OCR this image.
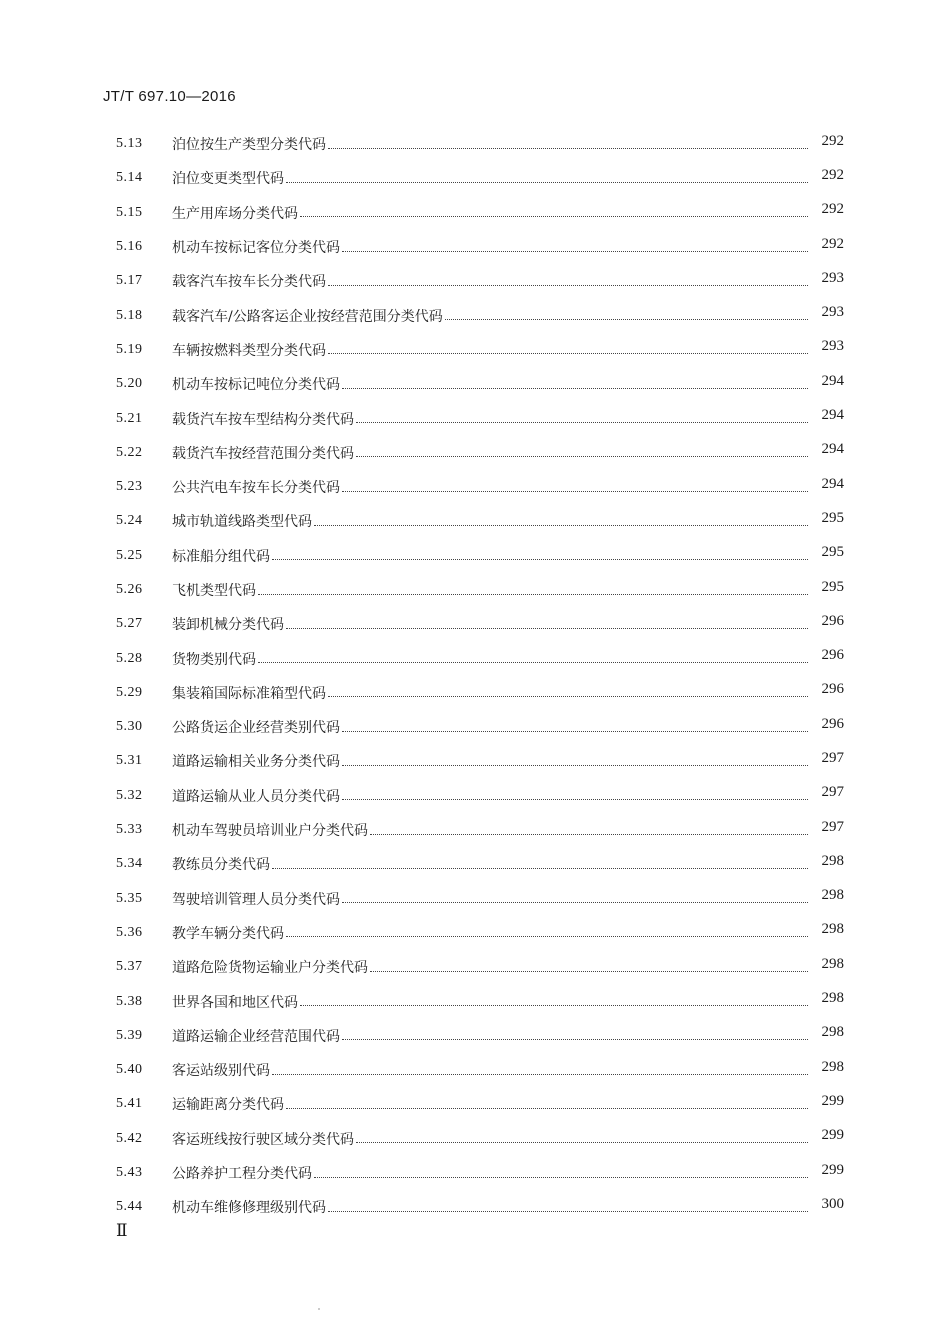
JT/T 697.10—2016
5.13	泊位按生产类型分类代码	292
5.14	泊位变更类型代码	292
5.15	生产用库场分类代码	292
5.16	机动车按标记客位分类代码	292
5.17	载客汽车按车长分类代码	293
5.18	载客汽车/公路客运企业按经营范围分类代码	293
5.19	车辆按燃料类型分类代码	293
5.20	机动车按标记吨位分类代码	294
5.21	载货汽车按车型结构分类代码	294
5.22	载货汽车按经营范围分类代码	294
5.23	公共汽电车按车长分类代码	294
5.24	城市轨道线路类型代码	295
5.25	标准船分组代码	295
5.26	飞机类型代码	295
5.27	装卸机械分类代码	296
5.28	货物类别代码	296
5.29	集装箱国际标准箱型代码	296
5.30	公路货运企业经营类别代码	296
5.31	道路运输相关业务分类代码	297
5.32	道路运输从业人员分类代码	297
5.33	机动车驾驶员培训业户分类代码	297
5.34	教练员分类代码	298
5.35	驾驶培训管理人员分类代码	298
5.36	教学车辆分类代码	298
5.37	道路危险货物运输业户分类代码	298
5.38	世界各国和地区代码	298
5.39	道路运输企业经营范围代码	298
5.40	客运站级别代码	298
5.41	运输距离分类代码	299
5.42	客运班线按行驶区域分类代码	299
5.43	公路养护工程分类代码	299
5.44	机动车维修修理级别代码	300
Ⅱ
